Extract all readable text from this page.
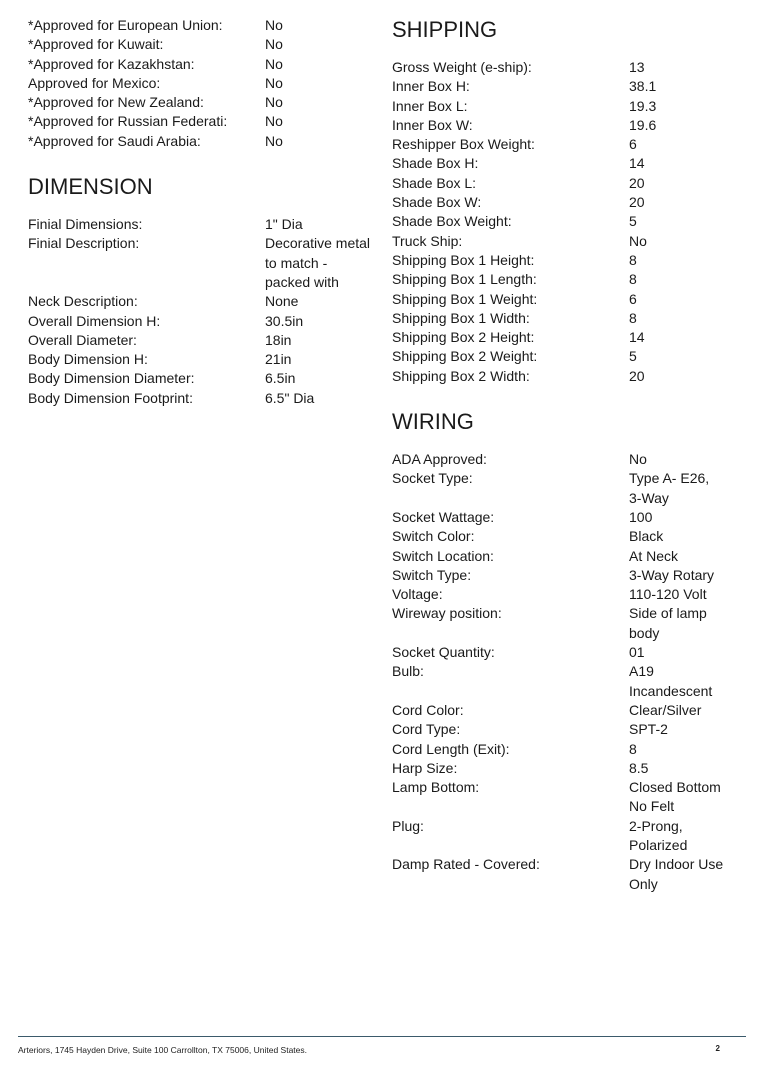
*Approved for European Union:	No
*Approved for Kuwait:	No
*Approved for Kazakhstan:	No
Approved for Mexico:	No
*Approved for New Zealand:	No
*Approved for Russian Federati:	No
*Approved for Saudi Arabia:	No
DIMENSION
Finial Dimensions:	1" Dia
Finial Description:	Decorative metal to match - packed with
Neck Description:	None
Overall Dimension H:	30.5in
Overall Diameter:	18in
Body Dimension H:	21in
Body Dimension Diameter:	6.5in
Body Dimension Footprint:	6.5" Dia
SHIPPING
Gross Weight (e-ship):	13
Inner Box H:	38.1
Inner Box L:	19.3
Inner Box W:	19.6
Reshipper Box Weight:	6
Shade Box H:	14
Shade Box L:	20
Shade Box W:	20
Shade Box Weight:	5
Truck Ship:	No
Shipping Box 1 Height:	8
Shipping Box 1 Length:	8
Shipping Box 1 Weight:	6
Shipping Box 1 Width:	8
Shipping Box 2 Height:	14
Shipping Box 2 Weight:	5
Shipping Box 2 Width:	20
WIRING
ADA Approved:	No
Socket Type:	Type A- E26, 3-Way
Socket Wattage:	100
Switch Color:	Black
Switch Location:	At Neck
Switch Type:	3-Way Rotary
Voltage:	110-120 Volt
Wireway position:	Side of lamp body
Socket Quantity:	01
Bulb:	A19 Incandescent
Cord Color:	Clear/Silver
Cord Type:	SPT-2
Cord Length (Exit):	8
Harp Size:	8.5
Lamp Bottom:	Closed Bottom No Felt
Plug:	2-Prong, Polarized
Damp Rated - Covered:	Dry Indoor Use Only
Arteriors, 1745 Hayden Drive, Suite 100 Carrollton, TX 75006, United States.	2
